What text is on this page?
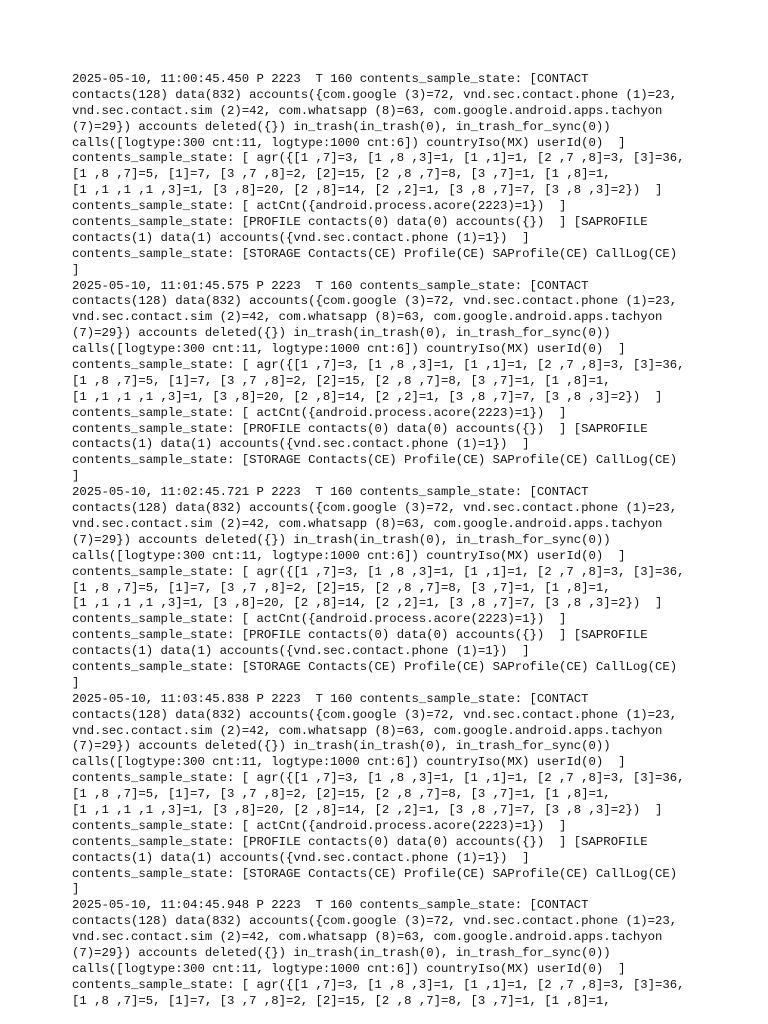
2025-05-10, 11:00:45.450 P 2223  T 160 contents_sample_state: [CONTACT
contacts(128) data(832) accounts({com.google (3)=72, vnd.sec.contact.phone (1)=23,
vnd.sec.contact.sim (2)=42, com.whatsapp (8)=63, com.google.android.apps.tachyon
(7)=29}) accounts deleted({}) in_trash(in_trash(0), in_trash_for_sync(0))
calls([logtype:300 cnt:11, logtype:1000 cnt:6]) countryIso(MX) userId(0)  ]
contents_sample_state: [ agr({[1 ,7]=3, [1 ,8 ,3]=1, [1 ,1]=1, [2 ,7 ,8]=3, [3]=36,
[1 ,8 ,7]=5, [1]=7, [3 ,7 ,8]=2, [2]=15, [2 ,8 ,7]=8, [3 ,7]=1, [1 ,8]=1,
[1 ,1 ,1 ,1 ,3]=1, [3 ,8]=20, [2 ,8]=14, [2 ,2]=1, [3 ,8 ,7]=7, [3 ,8 ,3]=2})  ]
contents_sample_state: [ actCnt({android.process.acore(2223)=1})  ]
contents_sample_state: [PROFILE contacts(0) data(0) accounts({})  ] [SAPROFILE
contacts(1) data(1) accounts({vnd.sec.contact.phone (1)=1})  ]
contents_sample_state: [STORAGE Contacts(CE) Profile(CE) SAProfile(CE) CallLog(CE)
]
2025-05-10, 11:01:45.575 P 2223  T 160 contents_sample_state: [CONTACT
contacts(128) data(832) accounts({com.google (3)=72, vnd.sec.contact.phone (1)=23,
vnd.sec.contact.sim (2)=42, com.whatsapp (8)=63, com.google.android.apps.tachyon
(7)=29}) accounts deleted({}) in_trash(in_trash(0), in_trash_for_sync(0))
calls([logtype:300 cnt:11, logtype:1000 cnt:6]) countryIso(MX) userId(0)  ]
contents_sample_state: [ agr({[1 ,7]=3, [1 ,8 ,3]=1, [1 ,1]=1, [2 ,7 ,8]=3, [3]=36,
[1 ,8 ,7]=5, [1]=7, [3 ,7 ,8]=2, [2]=15, [2 ,8 ,7]=8, [3 ,7]=1, [1 ,8]=1,
[1 ,1 ,1 ,1 ,3]=1, [3 ,8]=20, [2 ,8]=14, [2 ,2]=1, [3 ,8 ,7]=7, [3 ,8 ,3]=2})  ]
contents_sample_state: [ actCnt({android.process.acore(2223)=1})  ]
contents_sample_state: [PROFILE contacts(0) data(0) accounts({})  ] [SAPROFILE
contacts(1) data(1) accounts({vnd.sec.contact.phone (1)=1})  ]
contents_sample_state: [STORAGE Contacts(CE) Profile(CE) SAProfile(CE) CallLog(CE)
]
2025-05-10, 11:02:45.721 P 2223  T 160 contents_sample_state: [CONTACT
contacts(128) data(832) accounts({com.google (3)=72, vnd.sec.contact.phone (1)=23,
vnd.sec.contact.sim (2)=42, com.whatsapp (8)=63, com.google.android.apps.tachyon
(7)=29}) accounts deleted({}) in_trash(in_trash(0), in_trash_for_sync(0))
calls([logtype:300 cnt:11, logtype:1000 cnt:6]) countryIso(MX) userId(0)  ]
contents_sample_state: [ agr({[1 ,7]=3, [1 ,8 ,3]=1, [1 ,1]=1, [2 ,7 ,8]=3, [3]=36,
[1 ,8 ,7]=5, [1]=7, [3 ,7 ,8]=2, [2]=15, [2 ,8 ,7]=8, [3 ,7]=1, [1 ,8]=1,
[1 ,1 ,1 ,1 ,3]=1, [3 ,8]=20, [2 ,8]=14, [2 ,2]=1, [3 ,8 ,7]=7, [3 ,8 ,3]=2})  ]
contents_sample_state: [ actCnt({android.process.acore(2223)=1})  ]
contents_sample_state: [PROFILE contacts(0) data(0) accounts({})  ] [SAPROFILE
contacts(1) data(1) accounts({vnd.sec.contact.phone (1)=1})  ]
contents_sample_state: [STORAGE Contacts(CE) Profile(CE) SAProfile(CE) CallLog(CE)
]
2025-05-10, 11:03:45.838 P 2223  T 160 contents_sample_state: [CONTACT
contacts(128) data(832) accounts({com.google (3)=72, vnd.sec.contact.phone (1)=23,
vnd.sec.contact.sim (2)=42, com.whatsapp (8)=63, com.google.android.apps.tachyon
(7)=29}) accounts deleted({}) in_trash(in_trash(0), in_trash_for_sync(0))
calls([logtype:300 cnt:11, logtype:1000 cnt:6]) countryIso(MX) userId(0)  ]
contents_sample_state: [ agr({[1 ,7]=3, [1 ,8 ,3]=1, [1 ,1]=1, [2 ,7 ,8]=3, [3]=36,
[1 ,8 ,7]=5, [1]=7, [3 ,7 ,8]=2, [2]=15, [2 ,8 ,7]=8, [3 ,7]=1, [1 ,8]=1,
[1 ,1 ,1 ,1 ,3]=1, [3 ,8]=20, [2 ,8]=14, [2 ,2]=1, [3 ,8 ,7]=7, [3 ,8 ,3]=2})  ]
contents_sample_state: [ actCnt({android.process.acore(2223)=1})  ]
contents_sample_state: [PROFILE contacts(0) data(0) accounts({})  ] [SAPROFILE
contacts(1) data(1) accounts({vnd.sec.contact.phone (1)=1})  ]
contents_sample_state: [STORAGE Contacts(CE) Profile(CE) SAProfile(CE) CallLog(CE)
]
2025-05-10, 11:04:45.948 P 2223  T 160 contents_sample_state: [CONTACT
contacts(128) data(832) accounts({com.google (3)=72, vnd.sec.contact.phone (1)=23,
vnd.sec.contact.sim (2)=42, com.whatsapp (8)=63, com.google.android.apps.tachyon
(7)=29}) accounts deleted({}) in_trash(in_trash(0), in_trash_for_sync(0))
calls([logtype:300 cnt:11, logtype:1000 cnt:6]) countryIso(MX) userId(0)  ]
contents_sample_state: [ agr({[1 ,7]=3, [1 ,8 ,3]=1, [1 ,1]=1, [2 ,7 ,8]=3, [3]=36,
[1 ,8 ,7]=5, [1]=7, [3 ,7 ,8]=2, [2]=15, [2 ,8 ,7]=8, [3 ,7]=1, [1 ,8]=1,
